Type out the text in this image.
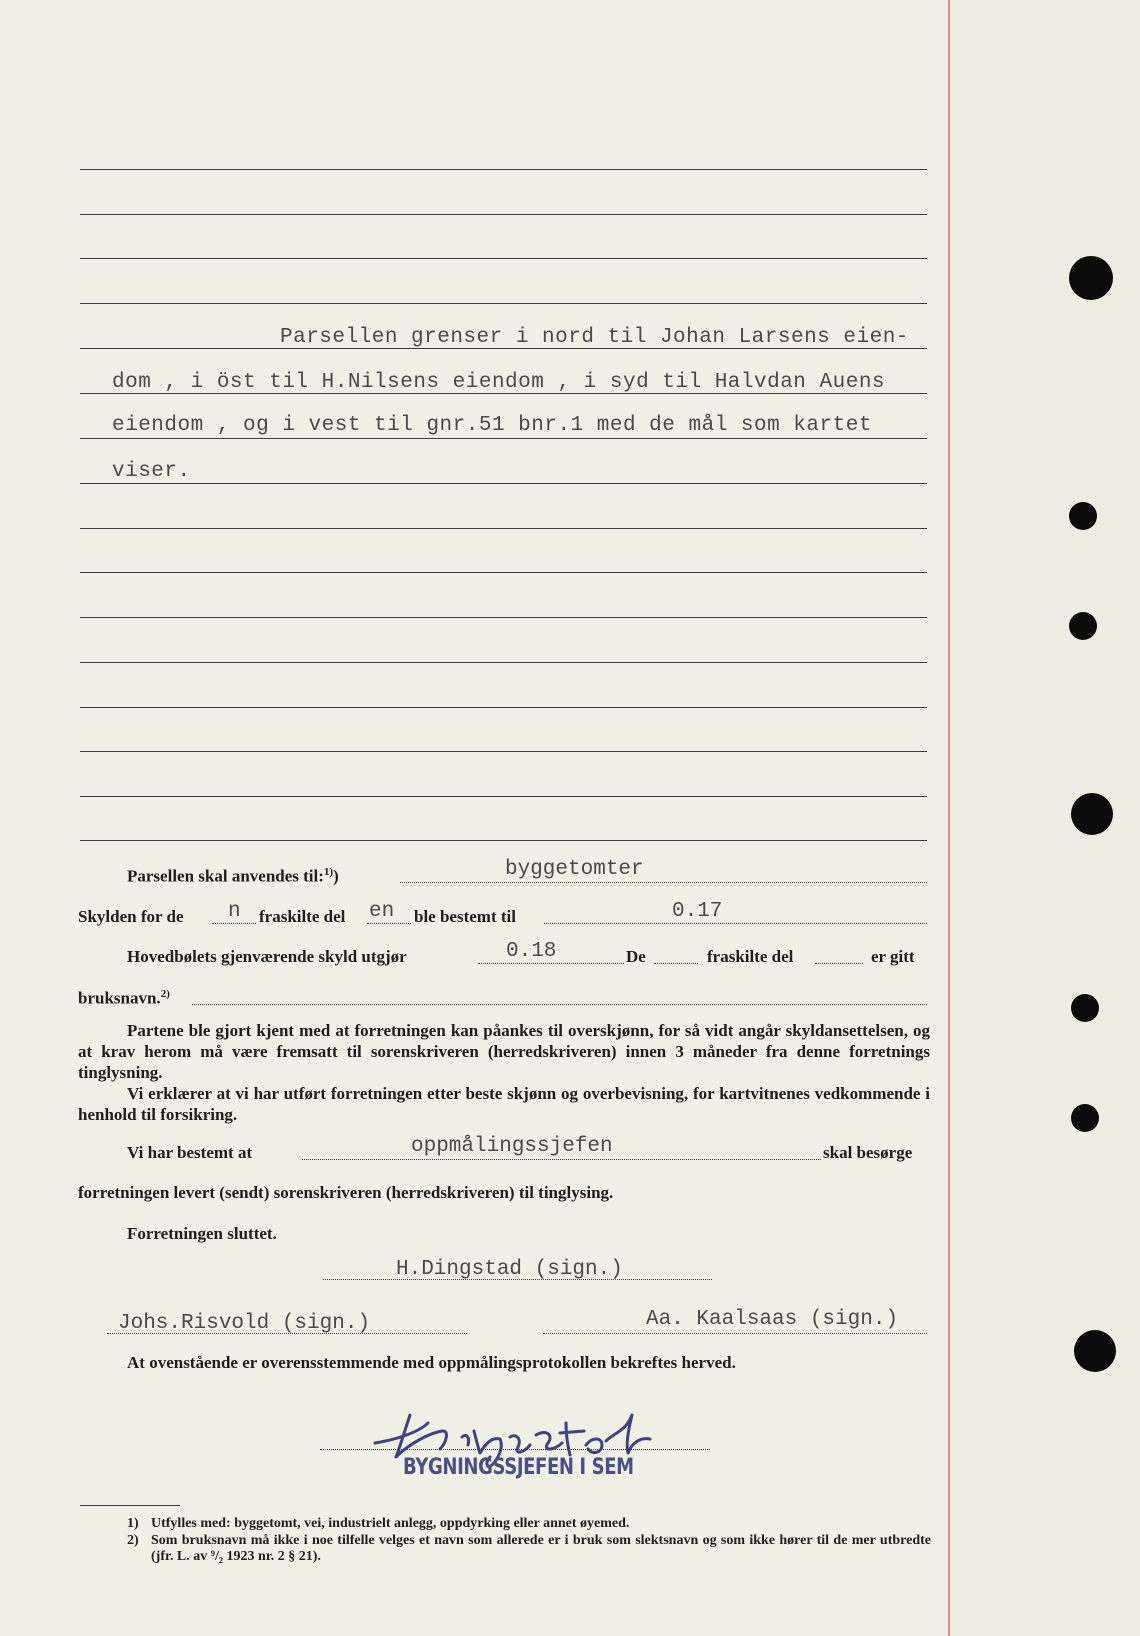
Parsellen grenser i nord til Johan Larsens eien-
dom , i öst til H.Nilsens eiendom , i syd til Halvdan Auens
eiendom , og i vest til gnr.51 bnr.1 med de mål som kartet
viser.
Parsellen skal anvendes til:$^{1)}$)	byggetomter
Skylden for de n fraskilte del en ble bestemt til	0.17
Hovedbølets gjenværende skyld utgjør	0.18	De	fraskilte del	er gitt
bruksnavn.$^{2)}$
Partene ble gjort kjent med at forretningen kan påankes til overskjønn, for så vidt angår skyldansettelsen, og at krav herom må være fremsatt til sorenskriveren (herredskriveren) innen 3 måneder fra denne forretnings tinglysning.
Vi erklærer at vi har utført forretningen etter beste skjønn og overbevisning, for kartvitnenes vedkommende i henhold til forsikring.
Vi har bestemt at	oppmålingssjefen	skal besørge
forretningen levert (sendt) sorenskriveren (herredskriveren) til tinglysing.
Forretningen sluttet.
H.Dingstad (sign.)
Johs.Risvold (sign.)	Aa. Kaalsaas (sign.)
At ovenstående er overensstemmende med oppmålingsprotokollen bekreftes herved.
BYGNINGSSJEFEN I SEM
1) Utfylles med: byggetomt, vei, industrielt anlegg, oppdyrking eller annet øyemed.
2) Som bruksnavn må ikke i noe tilfelle velges et navn som allerede er i bruk som slektsnavn og som ikke hører til de mer utbredte (jfr. L. av ⁹/₂ 1923 nr. 2 § 21).
